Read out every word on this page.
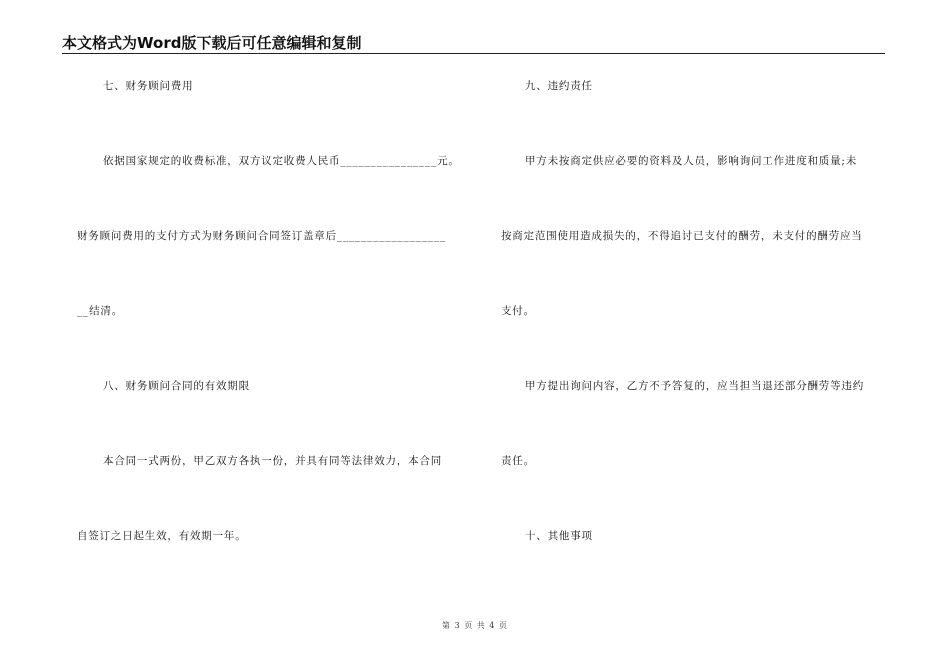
本文格式为Word版下载后可任意编辑和复制
七、财务顾问费用
依据国家规定的收费标准，双方议定收费人民币________________元。
财务顾问费用的支付方式为财务顾问合同签订盖章后__________________
__结清。
八、财务顾问合同的有效期限
本合同一式两份，甲乙双方各执一份，并具有同等法律效力，本合同
自签订之日起生效，有效期一年。
九、违约责任
甲方未按商定供应必要的资料及人员，影响询问工作进度和质量;未
按商定范围使用造成损失的，不得追讨已支付的酬劳，未支付的酬劳应当
支付。
甲方提出询问内容，乙方不予答复的，应当担当退还部分酬劳等违约
责任。
十、其他事项
第 3 页 共 4 页
